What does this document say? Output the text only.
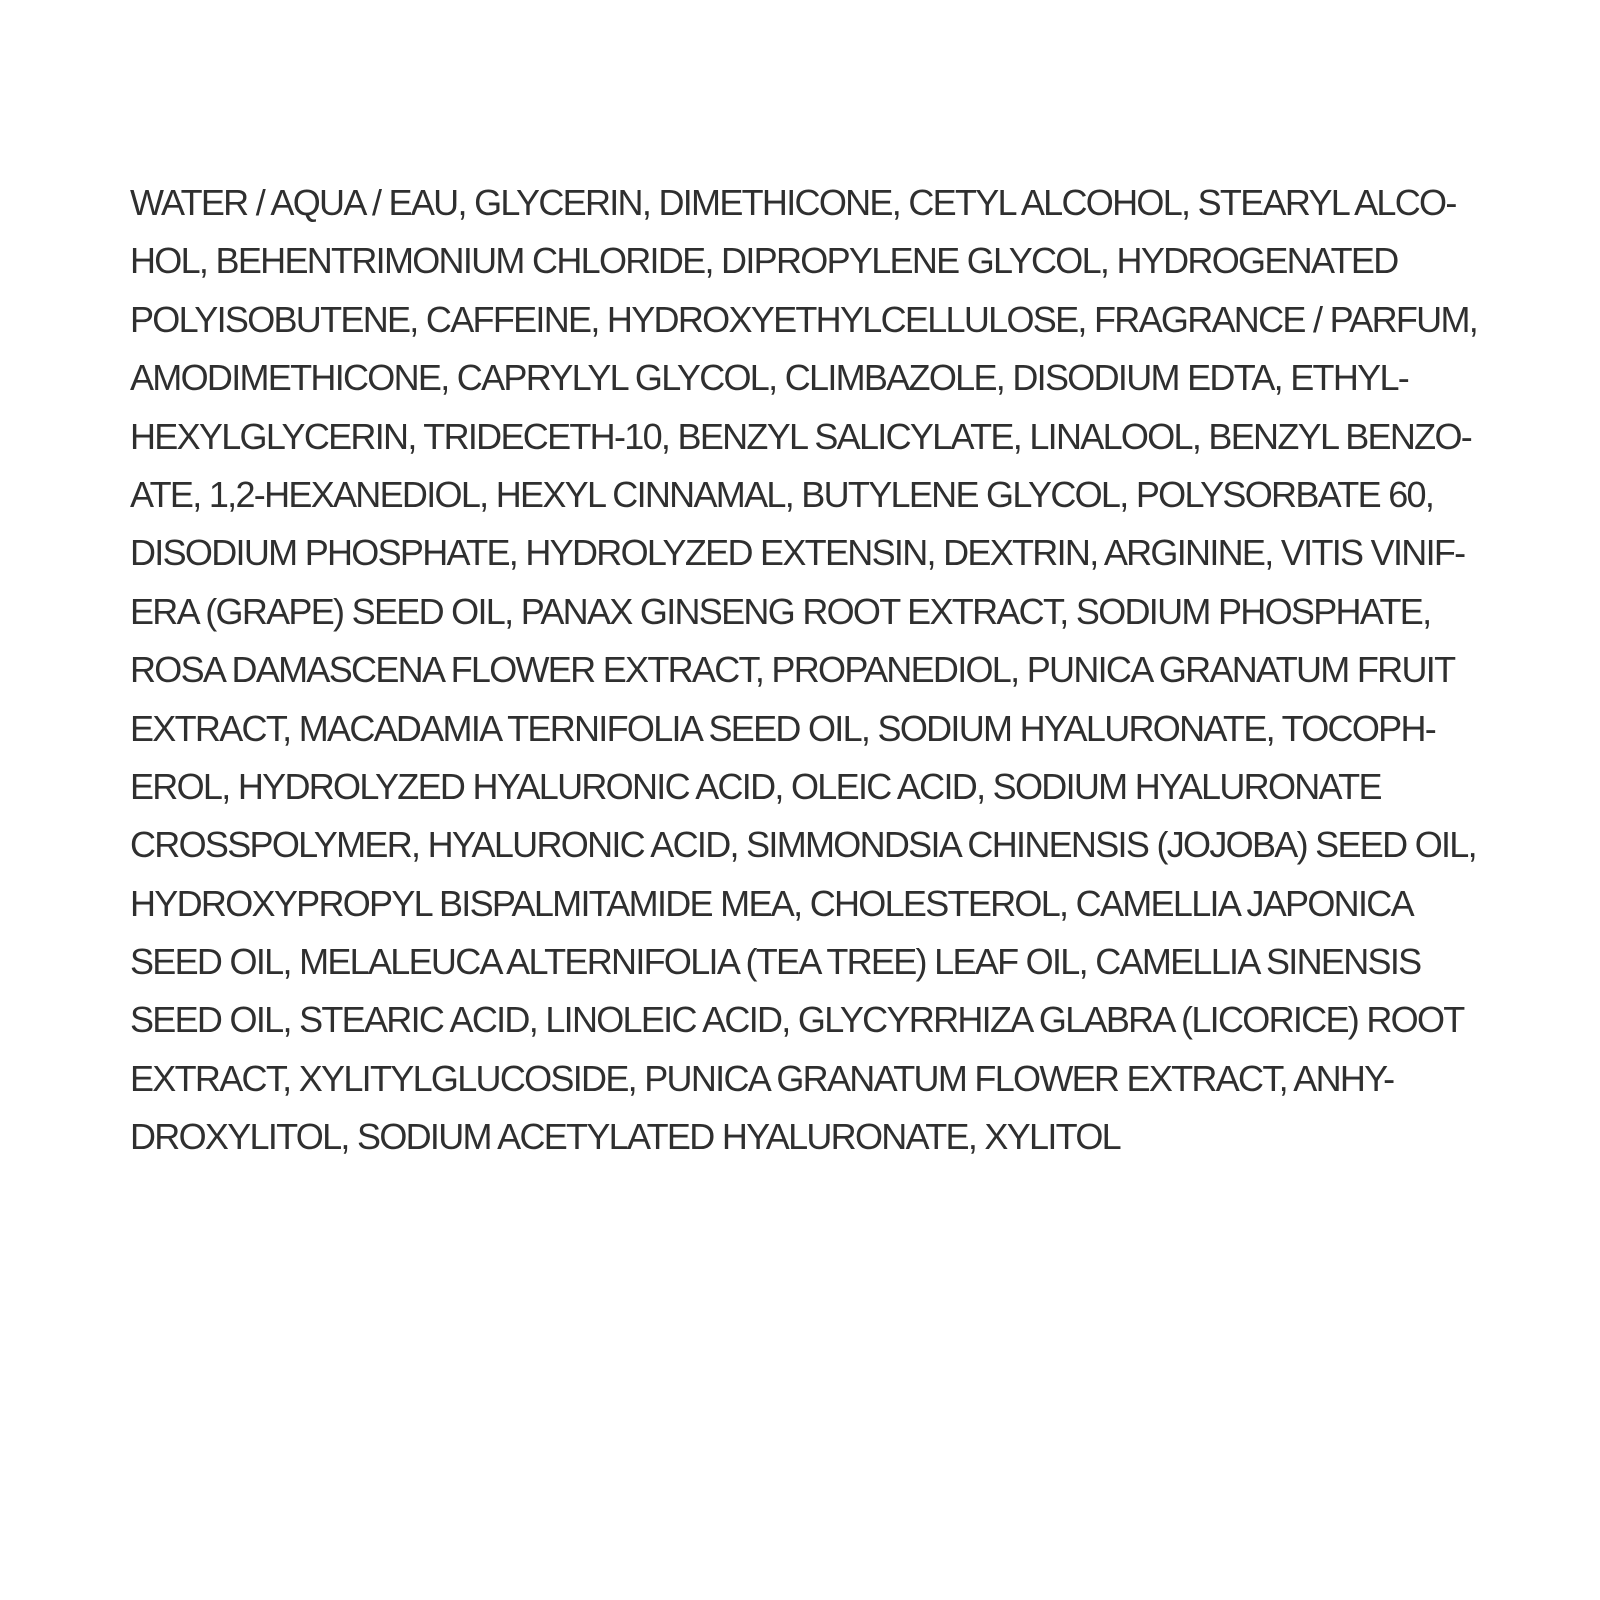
WATER / AQUA / EAU, GLYCERIN, DIMETHICONE, CETYL ALCOHOL, STEARYL ALCO-
HOL, BEHENTRIMONIUM CHLORIDE, DIPROPYLENE GLYCOL, HYDROGENATED
POLYISOBUTENE, CAFFEINE, HYDROXYETHYLCELLULOSE, FRAGRANCE / PARFUM,
AMODIMETHICONE, CAPRYLYL GLYCOL, CLIMBAZOLE, DISODIUM EDTA, ETHYL-
HEXYLGLYCERIN, TRIDECETH-10, BENZYL SALICYLATE, LINALOOL, BENZYL BENZO-
ATE, 1,2-HEXANEDIOL, HEXYL CINNAMAL, BUTYLENE GLYCOL, POLYSORBATE 60,
DISODIUM PHOSPHATE, HYDROLYZED EXTENSIN, DEXTRIN, ARGININE, VITIS VINIF-
ERA (GRAPE) SEED OIL, PANAX GINSENG ROOT EXTRACT, SODIUM PHOSPHATE,
ROSA DAMASCENA FLOWER EXTRACT, PROPANEDIOL, PUNICA GRANATUM FRUIT
EXTRACT, MACADAMIA TERNIFOLIA SEED OIL, SODIUM HYALURONATE, TOCOPH-
EROL, HYDROLYZED HYALURONIC ACID, OLEIC ACID, SODIUM HYALURONATE
CROSSPOLYMER, HYALURONIC ACID, SIMMONDSIA CHINENSIS (JOJOBA) SEED OIL,
HYDROXYPROPYL BISPALMITAMIDE MEA, CHOLESTEROL, CAMELLIA JAPONICA
SEED OIL, MELALEUCA ALTERNIFOLIA (TEA TREE) LEAF OIL, CAMELLIA SINENSIS
SEED OIL, STEARIC ACID, LINOLEIC ACID, GLYCYRRHIZA GLABRA (LICORICE) ROOT
EXTRACT, XYLITYLGLUCOSIDE, PUNICA GRANATUM FLOWER EXTRACT, ANHY-
DROXYLITOL, SODIUM ACETYLATED HYALURONATE, XYLITOL
